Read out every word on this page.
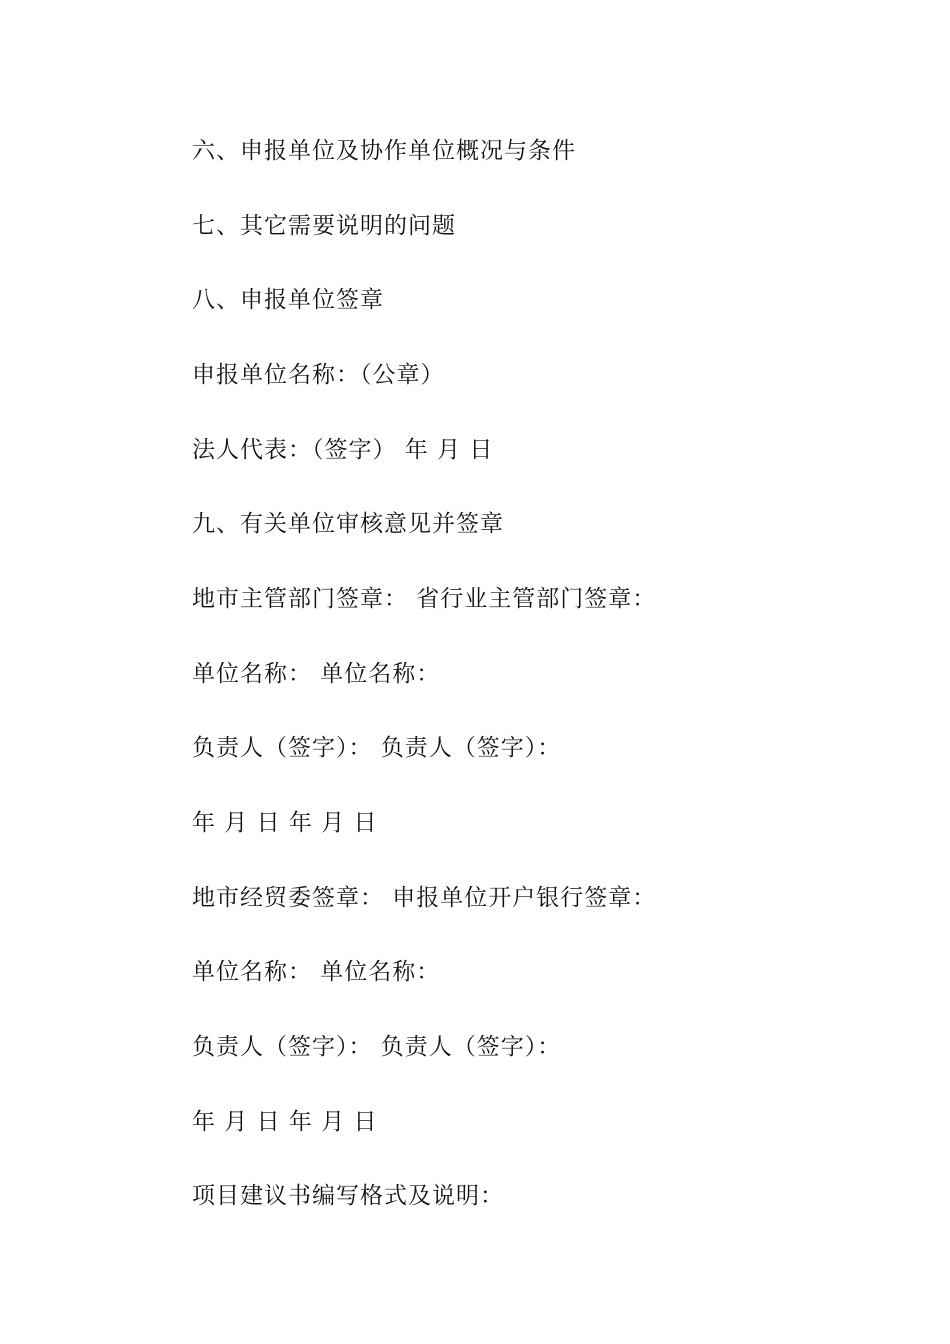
六、申报单位及协作单位概况与条件
七、其它需要说明的问题
八、申报单位签章
申报单位名称：（公章）
法人代表：（签字） 年 月 日
九、有关单位审核意见并签章
地市主管部门签章： 省行业主管部门签章：
单位名称： 单位名称：
负责人（签字）： 负责人（签字）：
年 月 日 年 月 日
地市经贸委签章： 申报单位开户银行签章：
单位名称： 单位名称：
负责人（签字）： 负责人（签字）：
年 月 日 年 月 日
项目建议书编写格式及说明：
